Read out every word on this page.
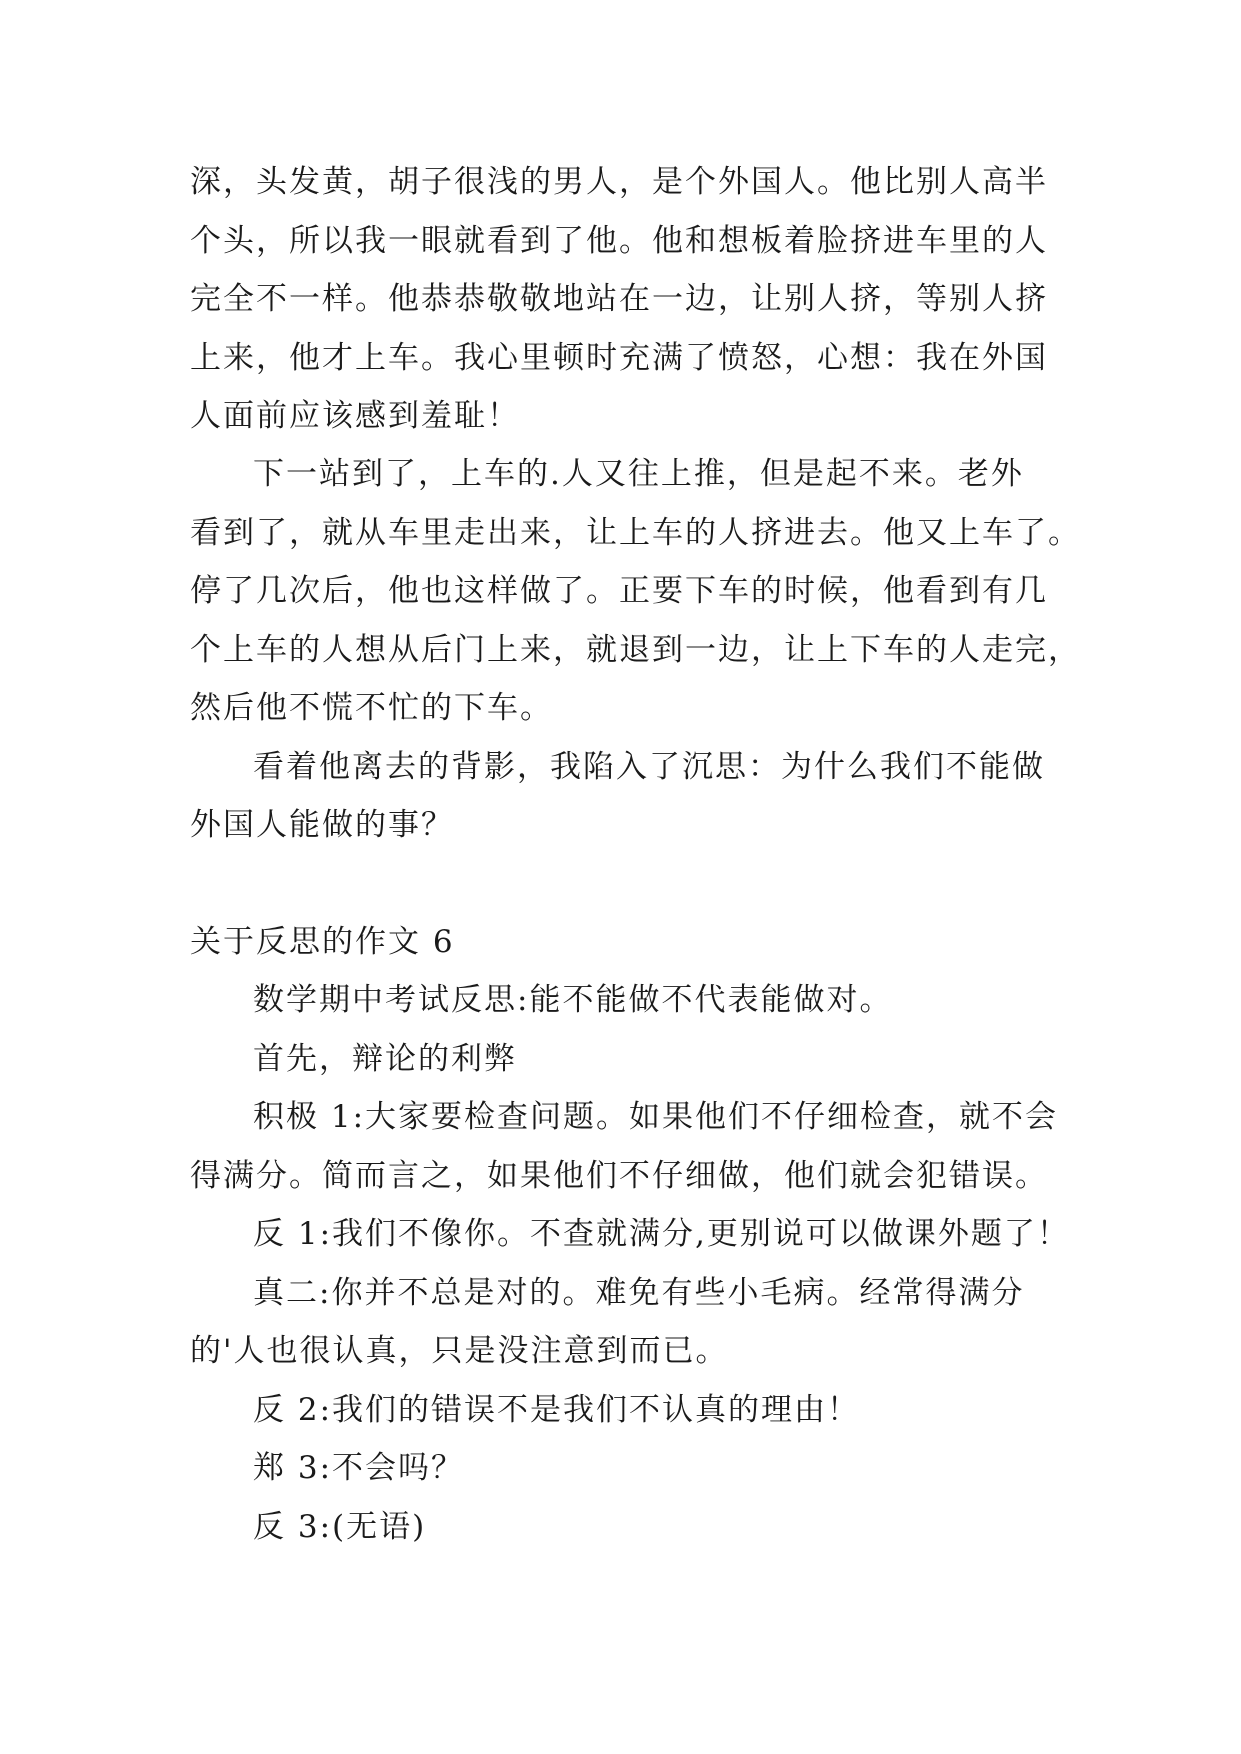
深，头发黄，胡子很浅的男人，是个外国人。他比别人高半
个头，所以我一眼就看到了他。他和想板着脸挤进车里的人
完全不一样。他恭恭敬敬地站在一边，让别人挤，等别人挤
上来，他才上车。我心里顿时充满了愤怒，心想：我在外国
人面前应该感到羞耻！
下一站到了，上车的.人又往上推，但是起不来。老外
看到了，就从车里走出来，让上车的人挤进去。他又上车了。
停了几次后，他也这样做了。正要下车的时候，他看到有几
个上车的人想从后门上来，就退到一边，让上下车的人走完，
然后他不慌不忙的下车。
看着他离去的背影，我陷入了沉思：为什么我们不能做
外国人能做的事？
关于反思的作文 6
数学期中考试反思:能不能做不代表能做对。
首先，辩论的利弊
积极 1:大家要检查问题。如果他们不仔细检查，就不会
得满分。简而言之，如果他们不仔细做，他们就会犯错误。
反 1:我们不像你。不查就满分,更别说可以做课外题了！
真二:你并不总是对的。难免有些小毛病。经常得满分
的'人也很认真，只是没注意到而已。
反 2:我们的错误不是我们不认真的理由！
郑 3:不会吗？
反 3:(无语)
